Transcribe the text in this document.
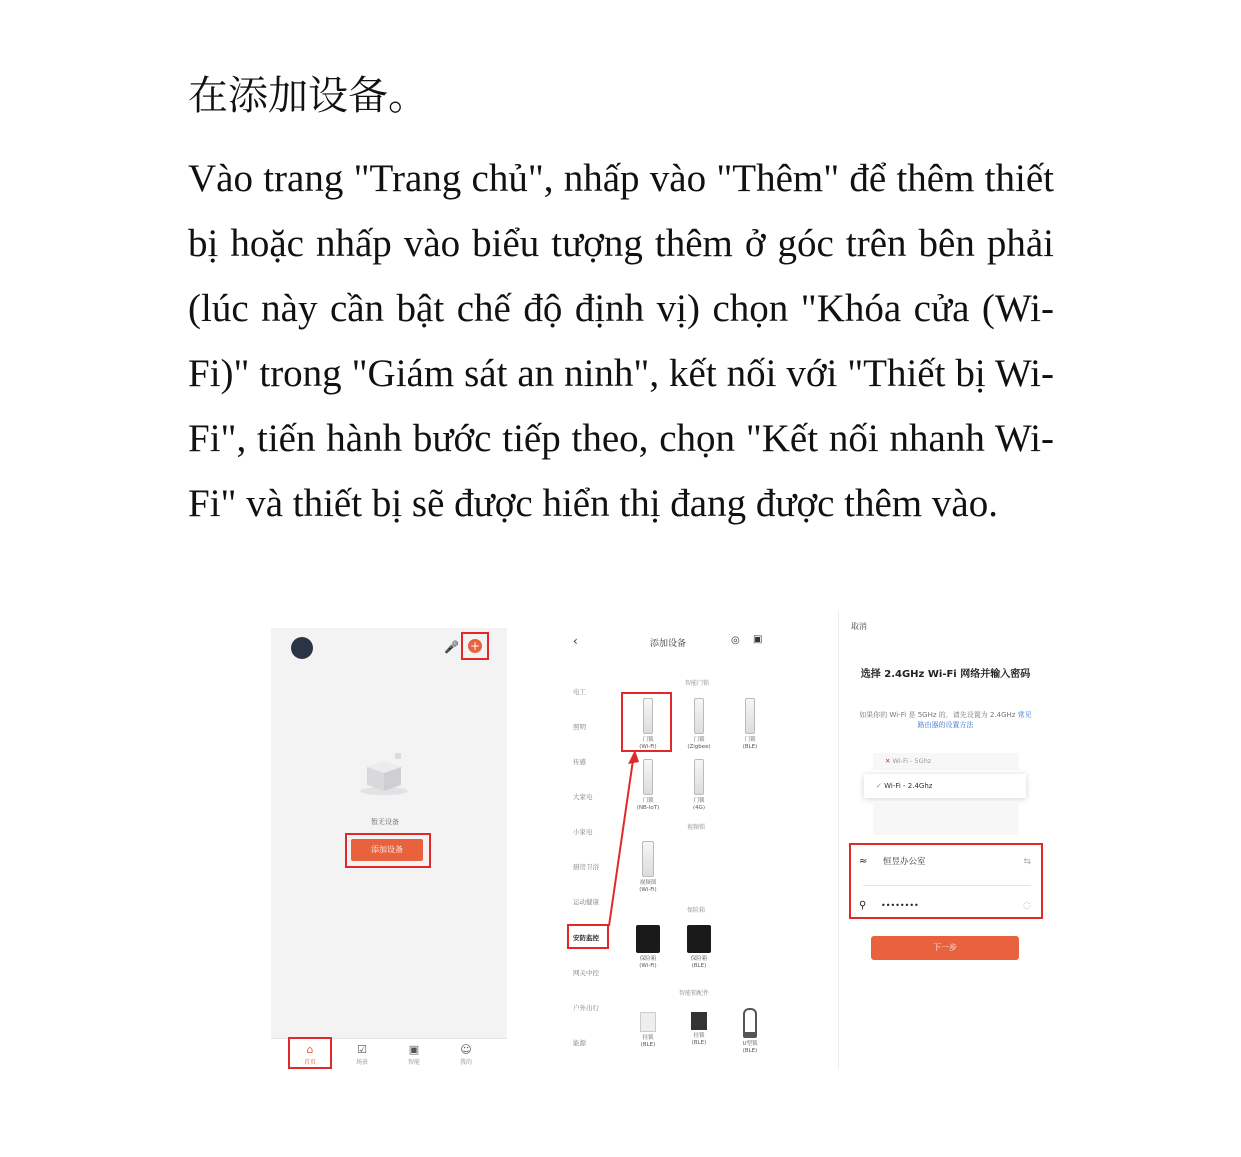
在添加设备。

Vào trang "Trang chủ", nhấp vào "Thêm" để thêm thiết bị hoặc nhấp vào biểu tượng thêm ở góc trên bên phải (lúc này cần bật chế độ định vị) chọn "Khóa cửa (Wi-Fi)" trong "Giám sát an ninh", kết nối với "Thiết bị Wi-Fi", tiến hành bước tiếp theo, chọn "Kết nối nhanh Wi-Fi" và thiết bị sẽ được hiển thị đang được thêm vào.

🎤 +
暂无设备
添加设备
⌂
首页
☑
场景
▣
智能
☺
我的
‹	添加设备	◎ ▣
电工
照明
传感
大家电
小家电
厨房卫浴
运动健康
安防监控
网关中控
户外出行
能源
智能门锁
门锁
(Wi-Fi)
门锁
(Zigbee)
门锁
(BLE)
门锁
(NB-IoT)
门锁
(4G)
视频锁
视频锁
(Wi-Fi)
保险箱
保险箱
(Wi-Fi)
保险箱
(BLE)
智能锁配件
挂锁
(BLE)
挂锁
(BLE)	U型锁
(BLE)
取消
选择 2.4GHz Wi-Fi 网络并输入密码
如果你的 Wi-Fi 是 5GHz 的，请先设置为 2.4GHz 常见路由器的设置方法
✕ Wi-Fi - 5Ghz
✓ Wi-Fi - 2.4Ghz
≈ 恒昱办公室	⇆
⚲ ••••••••	◌
下一步
